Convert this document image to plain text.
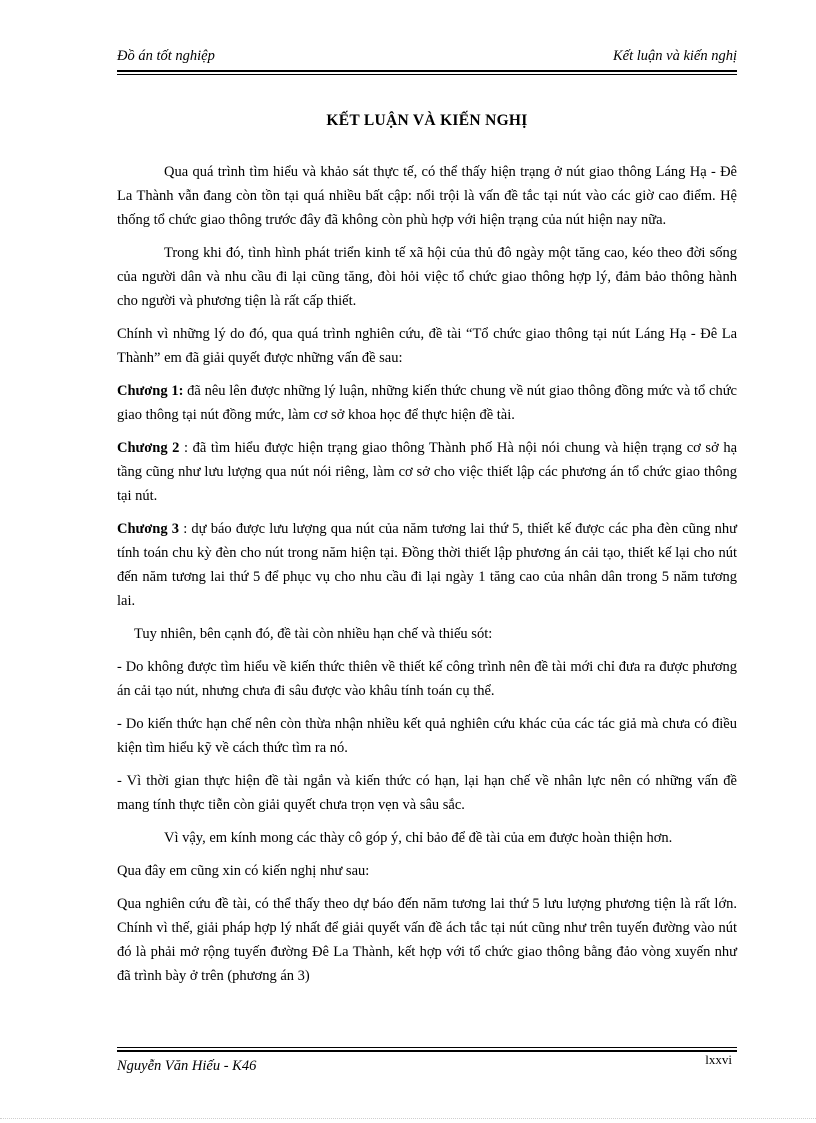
Đồ án tốt nghiệp	Kết luận và kiến nghị
KẾT LUẬN VÀ KIẾN NGHỊ

Qua quá trình tìm hiểu và khảo sát thực tế, có thể thấy hiện trạng ở nút giao thông Láng Hạ - Đê La Thành vẫn đang còn tồn tại quá nhiều bất cập: nổi trội là vấn đề tắc tại nút vào các giờ cao điểm. Hệ thống tổ chức giao thông trước đây đã không còn phù hợp với hiện trạng của nút hiện nay nữa.

Trong khi đó, tình hình phát triển kinh tế xã hội của thủ đô ngày một tăng cao, kéo theo đời sống của người dân và nhu cầu đi lại cũng tăng, đòi hỏi việc tổ chức giao thông hợp lý, đảm bảo thông hành cho người và phương tiện là rất cấp thiết.

Chính vì những lý do đó, qua quá trình nghiên cứu, đề tài “Tổ chức giao thông tại nút Láng Hạ - Đê La Thành” em đã giải quyết được những vấn đề sau:

Chương 1: đã nêu lên được những lý luận, những kiến thức chung về nút giao thông đồng mức và tổ chức giao thông tại nút đồng mức, làm cơ sở khoa học để thực hiện đề tài.

Chương 2 : đã tìm hiểu được hiện trạng giao thông Thành phố Hà nội nói chung và hiện trạng cơ sở hạ tầng cũng như lưu lượng qua nút nói riêng, làm cơ sở cho việc thiết lập các phương án tổ chức giao thông tại nút.

Chương 3 : dự báo được lưu lượng qua nút của năm tương lai thứ 5, thiết kế được các pha đèn cũng như tính toán chu kỳ đèn cho nút trong năm hiện tại. Đồng thời thiết lập phương án cải tạo, thiết kế lại cho nút đến năm tương lai thứ 5 để phục vụ cho nhu cầu đi lại ngày 1 tăng cao của nhân dân trong 5 năm tương lai.

Tuy nhiên, bên cạnh đó, đề tài còn nhiều hạn chế và thiếu sót:

- Do không được tìm hiểu về kiến thức thiên về thiết kế công trình nên đề tài mới chỉ đưa ra được phương án cải tạo nút, nhưng chưa đi sâu được vào khâu tính toán cụ thể.

- Do kiến thức hạn chế nên còn thừa nhận nhiều kết quả nghiên cứu khác của các tác giả mà chưa có điều kiện tìm hiểu kỹ về cách thức tìm ra nó.

- Vì thời gian thực hiện đề tài ngắn và kiến thức có hạn, lại hạn chế về nhân lực nên có những vấn đề mang tính thực tiễn còn giải quyết chưa trọn vẹn và sâu sắc.

Vì vậy, em kính mong các thày cô góp ý, chỉ bảo để đề tài của em được hoàn thiện hơn.

Qua đây em cũng xin có kiến nghị như sau:

Qua nghiên cứu đề tài, có thể thấy theo dự báo đến năm tương lai thứ 5 lưu lượng phương tiện là rất lớn. Chính vì thế, giải pháp hợp lý nhất để giải quyết vấn đề ách tắc tại nút cũng như trên tuyến đường vào nút đó là phải mở rộng tuyến đường Đê La Thành, kết hợp với tổ chức giao thông bằng đảo vòng xuyến như đã trình bày ở trên (phương án 3)

Nguyễn Văn Hiếu - K46	lxxvi
